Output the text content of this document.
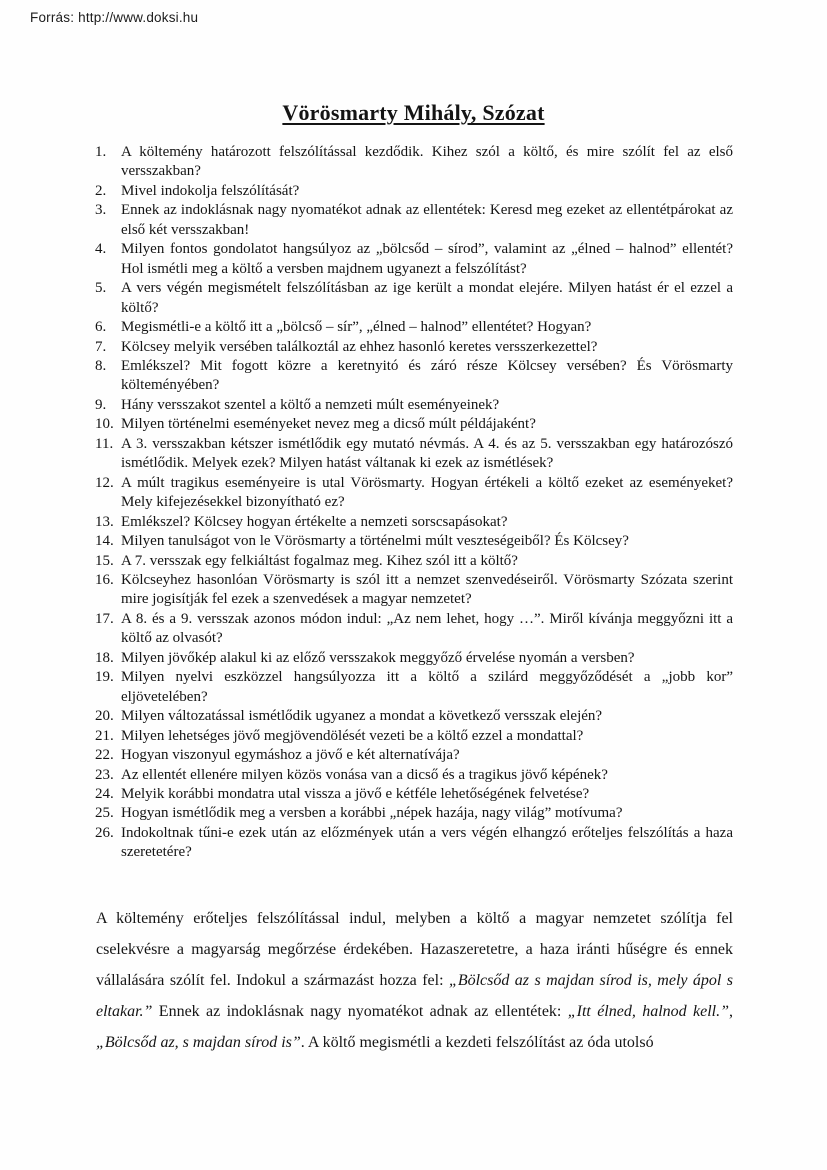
Forrás: http://www.doksi.hu
Vörösmarty Mihály, Szózat
1. A költemény határozott felszólítással kezdődik. Kihez szól a költő, és mire szólít fel az első versszakban?
2. Mivel indokolja felszólítását?
3. Ennek az indoklásnak nagy nyomatékot adnak az ellentétek: Keresd meg ezeket az ellentétpárokat az első két versszakban!
4. Milyen fontos gondolatot hangsúlyoz az „bölcsőd – sírod”, valamint az „élned – halnod” ellentét? Hol ismétli meg a költő a versben majdnem ugyanezt a felszólítást?
5. A vers végén megismételt felszólításban az ige került a mondat elejére. Milyen hatást ér el ezzel a költő?
6. Megismétli-e a költő itt a „bölcső – sír”, „élned – halnod” ellentétet? Hogyan?
7. Kölcsey melyik versében találkoztál az ehhez hasonló keretes versszerkezettel?
8. Emlékszel? Mit fogott közre a keretnyitó és záró része Kölcsey versében? És Vörösmarty költeményében?
9. Hány versszakot szentel a költő a nemzeti múlt eseményeinek?
10. Milyen történelmi eseményeket nevez meg a dicső múlt példájaként?
11. A 3. versszakban kétszer ismétlődik egy mutató névmás. A 4. és az 5. versszakban egy határozószó ismétlődik. Melyek ezek? Milyen hatást váltanak ki ezek az ismétlések?
12. A múlt tragikus eseményeire is utal Vörösmarty. Hogyan értékeli a költő ezeket az eseményeket? Mely kifejezésekkel bizonyítható ez?
13. Emlékszel? Kölcsey hogyan értékelte a nemzeti sorscsapásokat?
14. Milyen tanulságot von le Vörösmarty a történelmi múlt veszteségeiből? És Kölcsey?
15. A 7. versszak egy felkiáltást fogalmaz meg. Kihez szól itt a költő?
16. Kölcseyhez hasonlóan Vörösmarty is szól itt a nemzet szenvedéseiről. Vörösmarty Szózata szerint mire jogisítják fel ezek a szenvedések a magyar nemzetet?
17. A 8. és a 9. versszak azonos módon indul: „Az nem lehet, hogy …”. Miről kívánja meggyőzni itt a költő az olvasót?
18. Milyen jövőkép alakul ki az előző versszakok meggyőző érvelése nyomán a versben?
19. Milyen nyelvi eszközzel hangsúlyozza itt a költő a szilárd meggyőződését a „jobb kor” eljövetelében?
20. Milyen változatással ismétlődik ugyanez a mondat a következő versszak elején?
21. Milyen lehetséges jövő megjövendölését vezeti be a költő ezzel a mondattal?
22. Hogyan viszonyul egymáshoz a jövő e két alternatívája?
23. Az ellentét ellenére milyen közös vonása van a dicső és a tragikus jövő képének?
24. Melyik korábbi mondatra utal vissza a jövő e kétféle lehetőségének felvetése?
25. Hogyan ismétlődik meg a versben a korábbi „népek hazája, nagy világ” motívuma?
26. Indokoltnak tűni-e ezek után az előzmények után a vers végén elhangzó erőteljes felszólítás a haza szeretetére?

A költemény erőteljes felszólítással indul, melyben a költő a magyar nemzetet szólítja fel cselekvésre a magyarság megőrzése érdekében. Hazaszeretetre, a haza iránti hűségre és ennek vállalására szólít fel. Indokul a származást hozza fel: „Bölcsőd az s majdan sírod is, mely ápol s eltakar.” Ennek az indoklásnak nagy nyomatékot adnak az ellentétek: „Itt élned, halnod kell.”, „Bölcsőd az, s majdan sírod is”. A költő megismétli a kezdeti felszólítást az óda utolsó
